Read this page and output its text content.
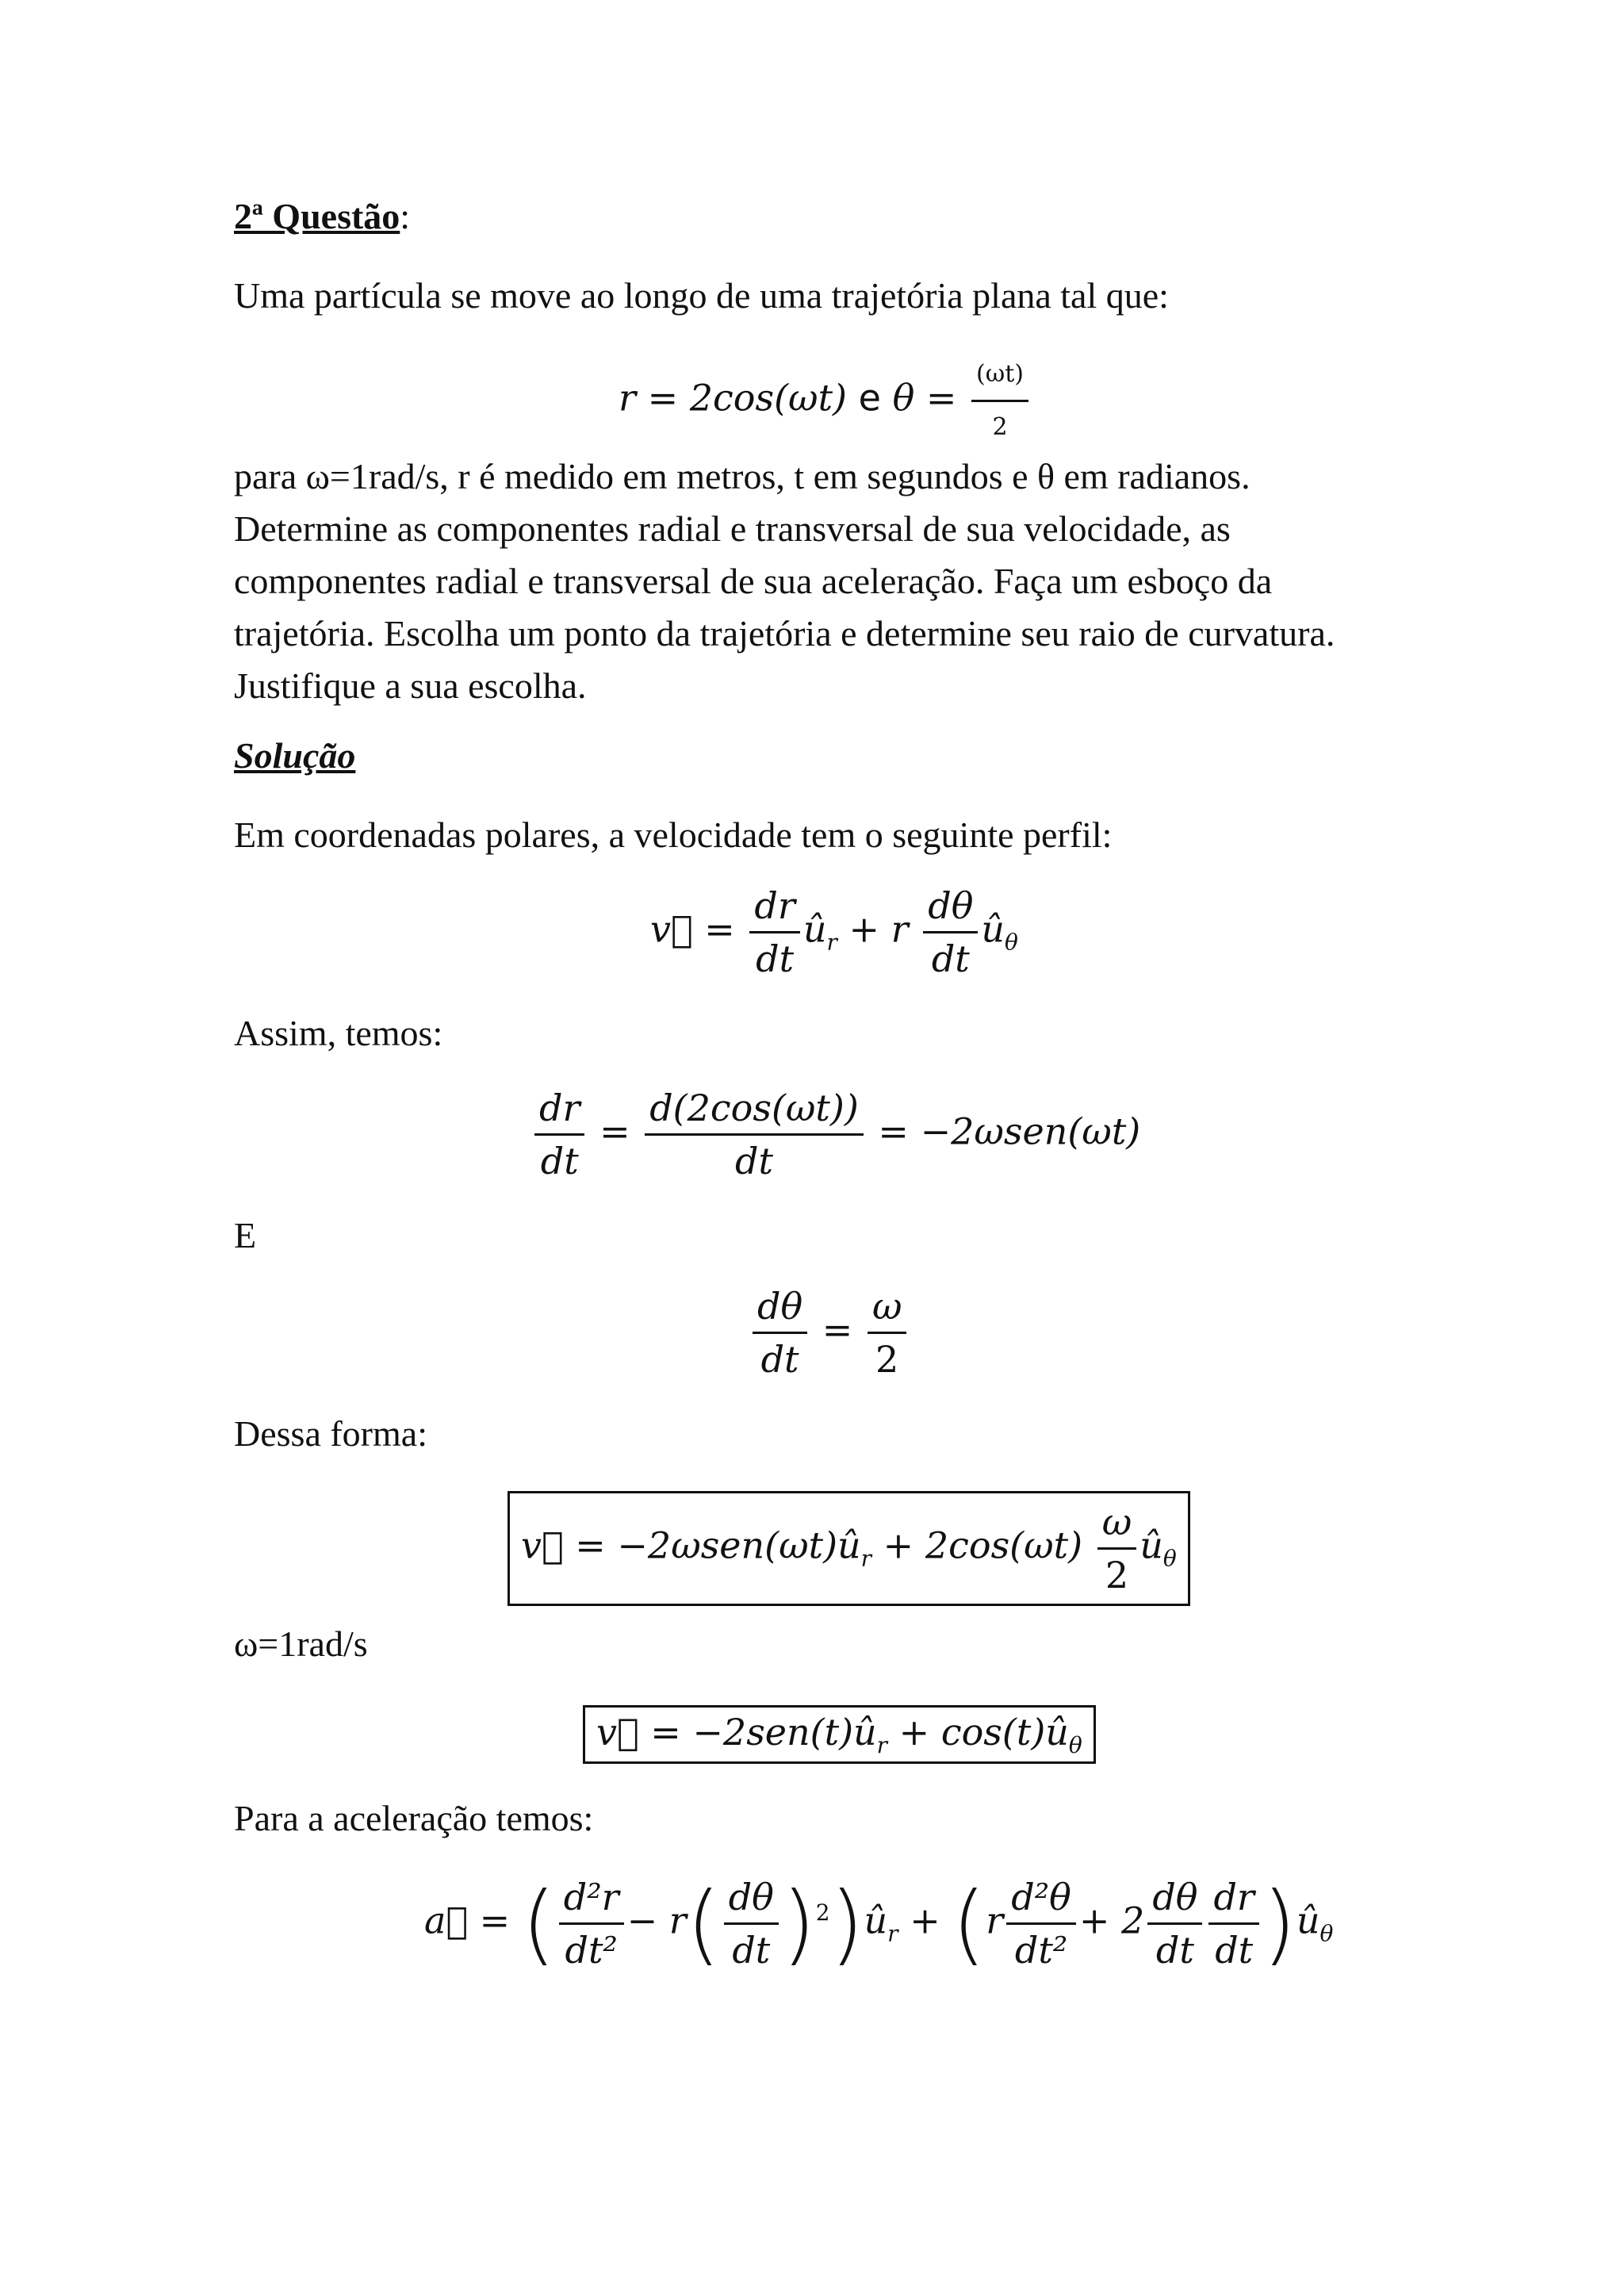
2ª Questão:

Uma partícula se move ao longo de uma trajetória plana tal que:

r = 2cos(ωt) e $\theta = \frac{(\omega t)}{2}$
para ω=1rad/s, r é medido em metros, t em segundos e θ em radianos.
Determine as componentes radial e transversal de sua velocidade, as
componentes radial e transversal de sua aceleração. Faça um esboço da
trajetória. Escolha um ponto da trajetória e determine seu raio de curvatura.
Justifique a sua escolha.

Solução

Em coordenadas polares, a velocidade tem o seguinte perfil:

v⃗ = $\frac{dr}{dt}$ $û_r + r \frac{d\theta}{dt}$ $û_\theta$

Assim, temos:

$\frac{dr}{dt} = \frac{d(2\cos(\omega t))}{dt} = -2\omega sen(\omega t)$

E

$\frac{d\theta}{dt} = \frac{\omega}{2}$

Dessa forma:

v⃗ = $-2\omega sen(\omega t)û_r + 2\cos(\omega t) \frac{\omega}{2}$ $û_\theta$

ω=1rad/s

v⃗ = $-2sen(t)û_r$ + $\cos(t)û_\theta$

Para a aceleração temos:

a⃗ = ( $\frac{\text{d²r}}{\text{dt²}} - r( \frac{d\theta}{dt}$ )$^2)û_r + (r \frac{\text{d²θ}}{\text{dt²}} + 2 \frac{d\theta}{dt} \frac{dr}{dt}$ )$û_\theta$
